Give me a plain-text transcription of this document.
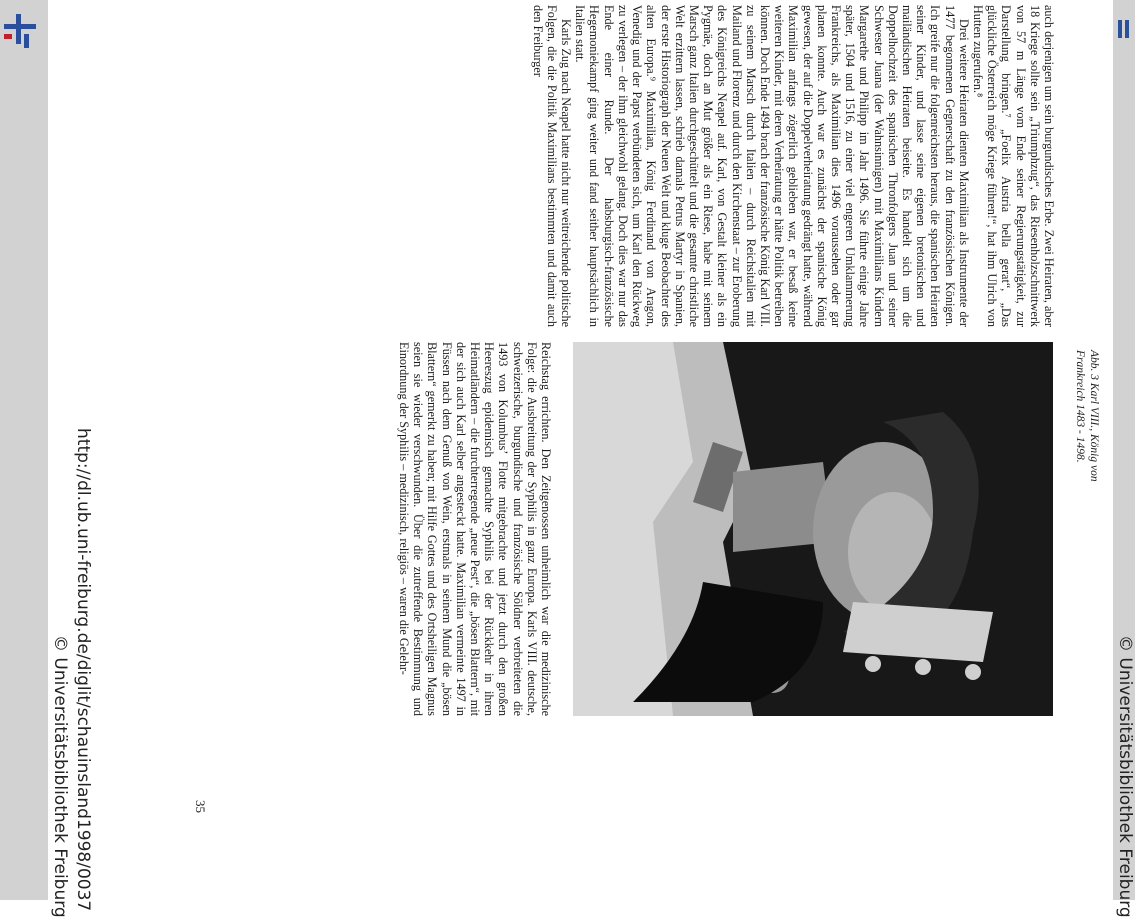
auch derjenigen um sein burgundisches Erbe. Zwei Heiraten, aber 18 Kriege sollte sein „Triumphzug“, das Riesenholzschnittwerk von 57 m Länge vom Ende seiner Regierungstätigkeit, zur Darstellung bringen.⁷ „Foelix Austria bella gerat“, „Das glückliche Österreich möge Kriege führen!“, hat ihm Ulrich von Hutten zugerufen.⁸

Drei weitere Heiraten dienten Maximilian als Instrumente der 1477 begonnenen Gegnerschaft zu den französischen Königen. Ich greife nur die folgenreichsten heraus, die spanischen Heiraten seiner Kinder, und lasse seine eigenen bretonischen und mailändischen Heiraten beiseite. Es handelt sich um die Doppelhochzeit des spanischen Thronfolgers Juan und seiner Schwester Juana (der Wahnsinnigen) mit Maximilians Kindern Margarethe und Philipp im Jahr 1496. Sie führte einige Jahre später, 1504 und 1516, zu einer viel engeren Umklammerung Frankreichs, als Maximilian dies 1496 voraussehen oder gar planen konnte. Auch war es zunächst der spanische König gewesen, der auf die Doppelverheiratung gedrängt hatte, während Maximilian anfangs zögerlich geblieben war, er besaß keine weiteren Kinder, mit deren Verheiratung er hätte Politik betreiben können. Doch Ende 1494 brach der französische König Karl VIII. zu seinem Marsch durch Italien – durch Reichsitalien mit Mailand und Florenz und durch den Kirchenstaat – zur Eroberung des Königreichs Neapel auf. Karl, von Gestalt kleiner als ein Pygmäe, doch an Mut größer als ein Riese, habe mit seinem Marsch ganz Italien durchgeschüttelt und die gesamte christliche Welt erzittern lassen, schrieb damals Petrus Martyr in Spanien, der erste Historiograph der Neuen Welt und kluge Beobachter des alten Europa.⁹ Maximilian, König Ferdinand von Aragon, Venedig und der Papst verbündeten sich, um Karl den Rückweg zu verlegen – der ihm gleichwohl gelang. Doch dies war nur das Ende einer Runde. Der habsburgisch-französische Hegemoniekampf ging weiter und fand seither hauptsächlich in Italien statt.

Karls Zug nach Neapel hatte nicht nur weitreichende politische Folgen, die die Politik Maximilians bestimmten und damit auch den Freiburger

Abb. 3 Karl VIII., König von
Frankreich 1483 - 1498.

Reichstag errichten. Den Zeitgenossen unheimlich war die medizinische Folge: die Ausbreitung der Syphilis in ganz Europa. Karls VIII. deutsche, schweizerische, burgundische und französische Söldner verbreiteten die 1493 von Kolumbus’ Flotte mitgebrachte und jetzt durch den großen Heereszug epidemisch gemachte Syphilis bei der Rückkehr in ihren Heimatländern – die furchterregende „neue Pest“, die „bösen Blattern“, mit der sich auch Karl selber angesteckt hatte. Maximilian vermeinte 1497 in Füssen nach dem Genuß von Wein, erstmals in seinem Mund die „bösen Blattern“ gemerkt zu haben; mit Hilfe Gottes und des Ortsheiligen Magnus seien sie wieder verschwunden. Über die zutreffende Bestimmung und Einordnung der Syphilis – medizinisch, religiös – waren die Gelehr-

35
http://dl.ub.uni-freiburg.de/diglit/schauinsland1998/0037
© Universitätsbibliothek Freiburg	© Universitätsbibliothek Freiburg
